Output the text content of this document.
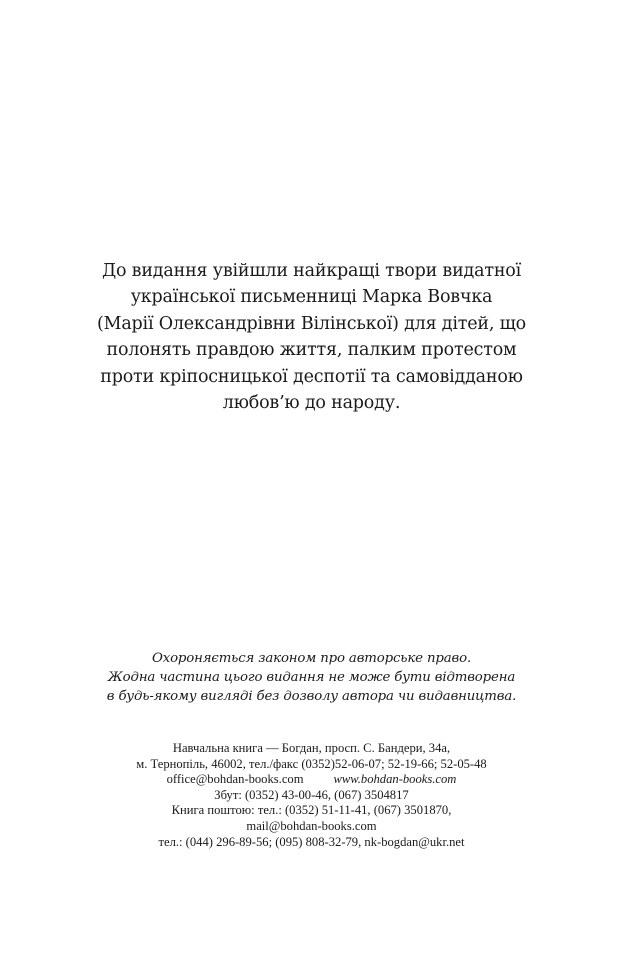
До видання увійшли найкращі твори видатної
української письменниці Марка Вовчка
(Марії Олександрівни Вілінської) для дітей, що
полонять правдою життя, палким протестом
проти кріпосницької деспотії та самовідданою
любов’ю до народу.
Охороняється законом про авторське право.
Жодна частина цього видання не може бути відтворена
в будь-якому вигляді без дозволу автора чи видавництва.
Навчальна книга — Богдан, просп. С. Бандери, 34а,
м. Тернопіль, 46002, тел./факс (0352)52-06-07; 52-19-66; 52-05-48
office@bohdan-books.com www.bohdan-books.com
Збут: (0352) 43-00-46, (067) 3504817
Книга поштою: тел.: (0352) 51-11-41, (067) 3501870,
mail@bohdan-books.com
тел.: (044) 296-89-56; (095) 808-32-79, nk-bogdan@ukr.net
